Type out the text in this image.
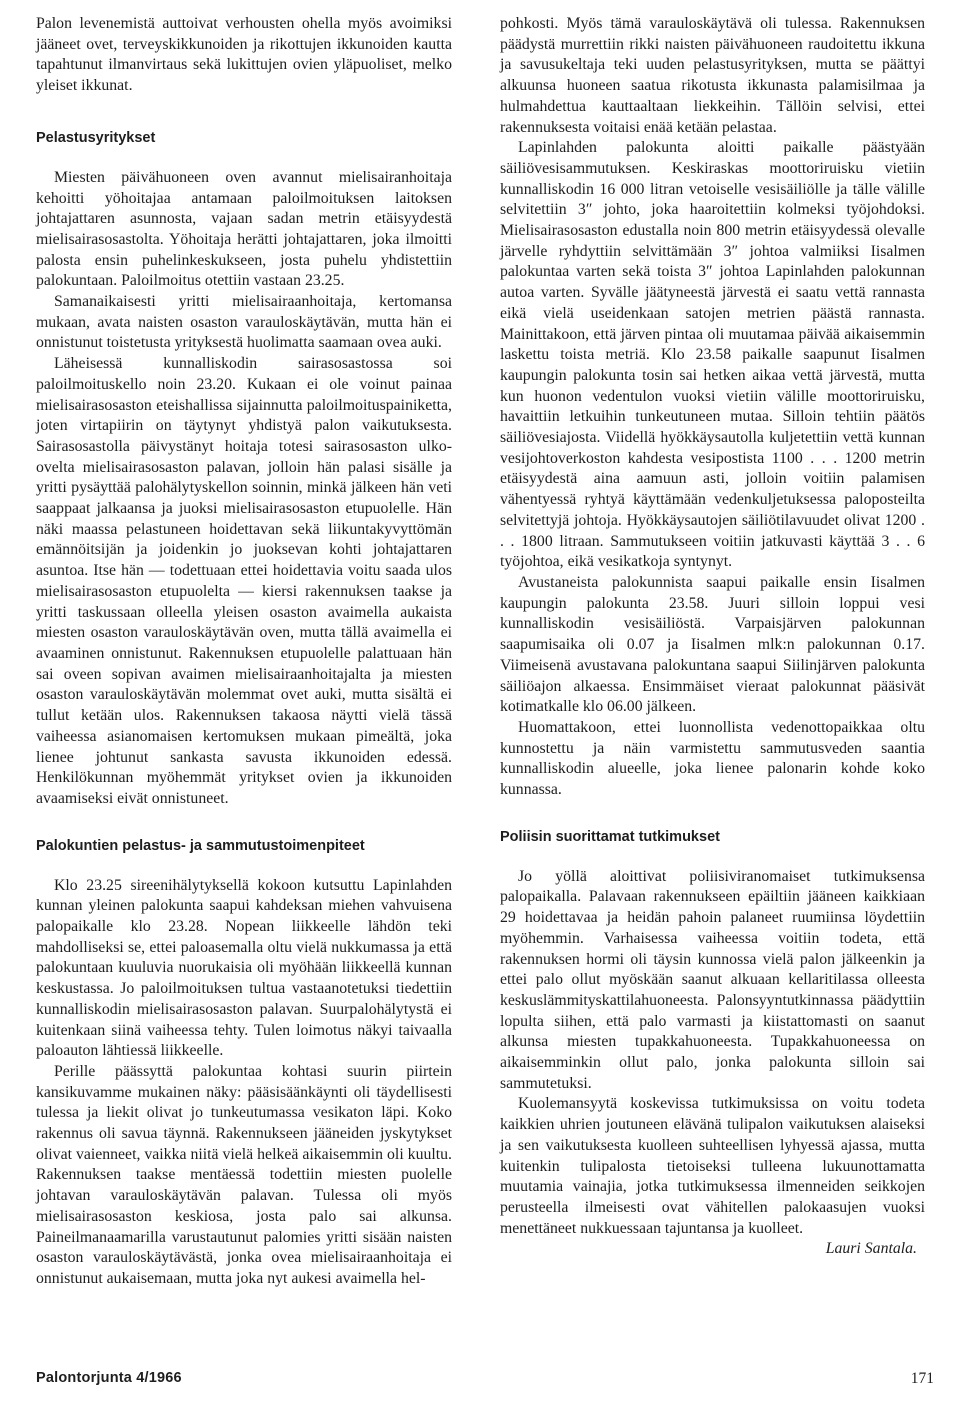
Palon levenemistä auttoivat verhousten ohella myös avoimiksi jääneet ovet, terveyskikkunoiden ja rikottujen ikkunoiden kautta tapahtunut ilmanvirtaus sekä lukittujen ovien yläpuoliset, melko yleiset ikkunat.

Pelastusyritykset

Miesten päivähuoneen oven avannut mielisairanhoitaja kehoitti yöhoitajaa antamaan paloilmoituksen laitoksen johtajattaren asunnosta, vajaan sadan metrin etäisyydestä mielisairasosastolta. Yöhoitaja herätti johtajattaren, joka ilmoitti palosta ensin puhelinkeskukseen, josta puhelu yhdistettiin palokuntaan. Paloilmoitus otettiin vastaan 23.25.

Samanaikaisesti yritti mielisairaanhoitaja, kertomansa mukaan, avata naisten osaston varauloskäytävän, mutta hän ei onnistunut toistetusta yrityksestä huolimatta saamaan ovea auki.

Läheisessä kunnalliskodin sairasosastossa soi paloilmoituskello noin 23.20. Kukaan ei ole voinut painaa mielisairasosaston eteishallissa sijainnutta paloilmoituspainiketta, joten virtapiirin on täytynyt yhdistyä palon vaikutuksesta. Sairasosastolla päivystänyt hoitaja totesi sairasosaston ulko-ovelta mielisairasosaston palavan, jolloin hän palasi sisälle ja yritti pysäyttää palohälytyskellon soinnin, minkä jälkeen hän veti saappaat jalkaansa ja juoksi mielisairasosaston etupuolelle. Hän näki maassa pelastuneen hoidettavan sekä liikuntakyvyttömän emännöitsijän ja joidenkin jo juoksevan kohti johtajattaren asuntoa. Itse hän — todettuaan ettei hoidettavia voitu saada ulos mielisairasosaston etupuolelta — kiersi rakennuksen taakse ja yritti taskussaan olleella yleisen osaston avaimella aukaista miesten osaston varauloskäytävän oven, mutta tällä avaimella ei avaaminen onnistunut. Rakennuksen etupuolelle palattuaan hän sai oveen sopivan avaimen mielisairaanhoitajalta ja miesten osaston varauloskäytävän molemmat ovet auki, mutta sisältä ei tullut ketään ulos. Rakennuksen takaosa näytti vielä tässä vaiheessa asianomaisen kertomuksen mukaan pimeältä, joka lienee johtunut sankasta savusta ikkunoiden edessä. Henkilökunnan myöhemmät yritykset ovien ja ikkunoiden avaamiseksi eivät onnistuneet.

Palokuntien pelastus- ja sammutustoimenpiteet

Klo 23.25 sireenihälytyksellä kokoon kutsuttu Lapinlahden kunnan yleinen palokunta saapui kahdeksan miehen vahvuisena palopaikalle klo 23.28. Nopean liikkeelle lähdön teki mahdolliseksi se, ettei paloasemalla oltu vielä nukkumassa ja että palokuntaan kuuluvia nuorukaisia oli myöhään liikkeellä kunnan keskustassa. Jo paloilmoituksen tultua vastaanotetuksi tiedettiin kunnalliskodin mielisairasosaston palavan. Suurpalohälytystä ei kuitenkaan siinä vaiheessa tehty. Tulen loimotus näkyi taivaalla palоauton lähtiessä liikkeelle.

Perille päässyttä palokuntaa kohtasi suurin piirtein kansikuvamme mukainen näky: pääsisäänkäynti oli täydellisesti tulessa ja liekit olivat jo tunkeutumassa vesikaton läpi. Koko rakennus oli savua täynnä. Rakennukseen jääneiden jyskytykset olivat vaienneet, vaikka niitä vielä helkeä aikaisemmin oli kuultu. Rakennuksen taakse mentäessä todettiin miesten puolelle johtavan varauloskäytävän palavan. Tulessa oli myös mielisairasosaston keskiosa, josta palo sai alkunsa. Paineilmanaamarilla varustautunut palomies yritti sisään naisten osaston varauloskäytävästä, jonka ovea mielisairaanhoitaja ei onnistunut aukaisemaan, mutta joka nyt aukesi avaimella hel-

pohkosti. Myös tämä varauloskäytävä oli tulessa. Rakennuksen päädystä murrettiin rikki naisten päivähuoneen raudoitettu ikkuna ja savusukeltaja teki uuden pelastusyrityksen, mutta se päättyi alkuunsa huoneen saatua rikotusta ikkunasta palamisilmaa ja hulmahdettua kauttaaltaan liekkeihin. Tällöin selvisi, ettei rakennuksesta voitaisi enää ketään pelastaa.

Lapinlahden palokunta aloitti paikalle päästyään säiliövesisammutuksen. Keskiraskas moottoriruisku vietiin kunnalliskodin 16 000 litran vetoiselle vesisäiliölle ja tälle välille selvitettiin 3″ johto, joka haaroitettiin kolmeksi työjohdoksi. Mielisairasosaston edustalla noin 800 metrin etäisyydessä olevalle järvelle ryhdyttiin selvittämään 3″ johtoa valmiiksi Iisalmen palokuntaa varten sekä toista 3″ johtoa Lapinlahden palokunnan autoa varten. Syvälle jäätyneestä järvestä ei saatu vettä rannasta eikä vielä useidenkaan satojen metrien päästä rannasta. Mainittakoon, että järven pintaa oli muutamaa päivää aikaisemmin laskettu toista metriä. Klo 23.58 paikalle saapunut Iisalmen kaupungin palokunta tosin sai hetken aikaa vettä järvestä, mutta kun huonon vedentulon vuoksi vietiin välille moottoriruisku, havaittiin letkuihin tunkeutuneen mutaa. Silloin tehtiin päätös säiliövesiajosta. Viidellä hyökkäysautolla kuljetettiin vettä kunnan vesijohtoverkoston kahdesta vesipostista 1100 . . . 1200 metrin etäisyydestä aina aamuun asti, jolloin voitiin palamisen vähentyessä ryhtyä käyttämään vedenkuljetuksessa paloposteilta selvitettyjä johtoja. Hyökkäysautojen säiliötilavuudet olivat 1200 . . . 1800 litraan. Sammutukseen voitiin jatkuvasti käyttää 3 . . 6 työjohtoa, eikä vesikatkoja syntynyt.

Avustaneista palokunnista saapui paikalle ensin Iisalmen kaupungin palokunta 23.58. Juuri silloin loppui vesi kunnalliskodin vesisäiliöstä. Varpaisjärven palokunnan saapumisaika oli 0.07 ja Iisalmen mlk:n palokunnan 0.17. Viimeisenä avustavana palokuntana saapui Siilinjärven palokunta säiliöajon alkaessa. Ensimmäiset vieraat palokunnat pääsivät kotimatkalle klo 06.00 jälkeen.

Huomattakoon, ettei luonnollista vedenottopaikkaa oltu kunnostettu ja näin varmistettu sammutusveden saantia kunnalliskodin alueelle, joka lienee palonarin kohde koko kunnassa.

Poliisin suorittamat tutkimukset

Jo yöllä aloittivat poliisiviranomaiset tutkimuksensa palopaikalla. Palavaan rakennukseen epäiltiin jääneen kaikkiaan 29 hoidettavaa ja heidän pahoin palaneet ruumiinsa löydettiin myöhemmin. Varhaisessa vaiheessa voitiin todeta, että rakennuksen hormi oli täysin kunnossa vielä palon jälkeenkin ja ettei palo ollut myöskään saanut alkuaan kellaritilassa olleesta keskuslämmityskattilahuoneesta. Palonsyyntutkinnassa päädyttiin lopulta siihen, että palo varmasti ja kiistattomasti on saanut alkunsa miesten tupakkahuoneesta. Tupakkahuoneessa on aikaisemminkin ollut palo, jonka palokunta silloin sai sammutetuksi.

Kuolemansyytä koskevissa tutkimuksissa on voitu todeta kaikkien uhrien joutuneen elävänä tulipalon vaikutuksen alaiseksi ja sen vaikutuksesta kuolleen suhteellisen lyhyessä ajassa, mutta kuitenkin tulipalosta tietoiseksi tulleena lukuunottamatta muutamia vainajia, jotka tutkimuksessa ilmenneiden seikkojen perusteella ilmeisesti ovat vähitellen palokaasujen vuoksi menettäneet nukkuessaan tajuntansa ja kuolleet.

Lauri Santala.

Palontorjunta 4/1966	171
